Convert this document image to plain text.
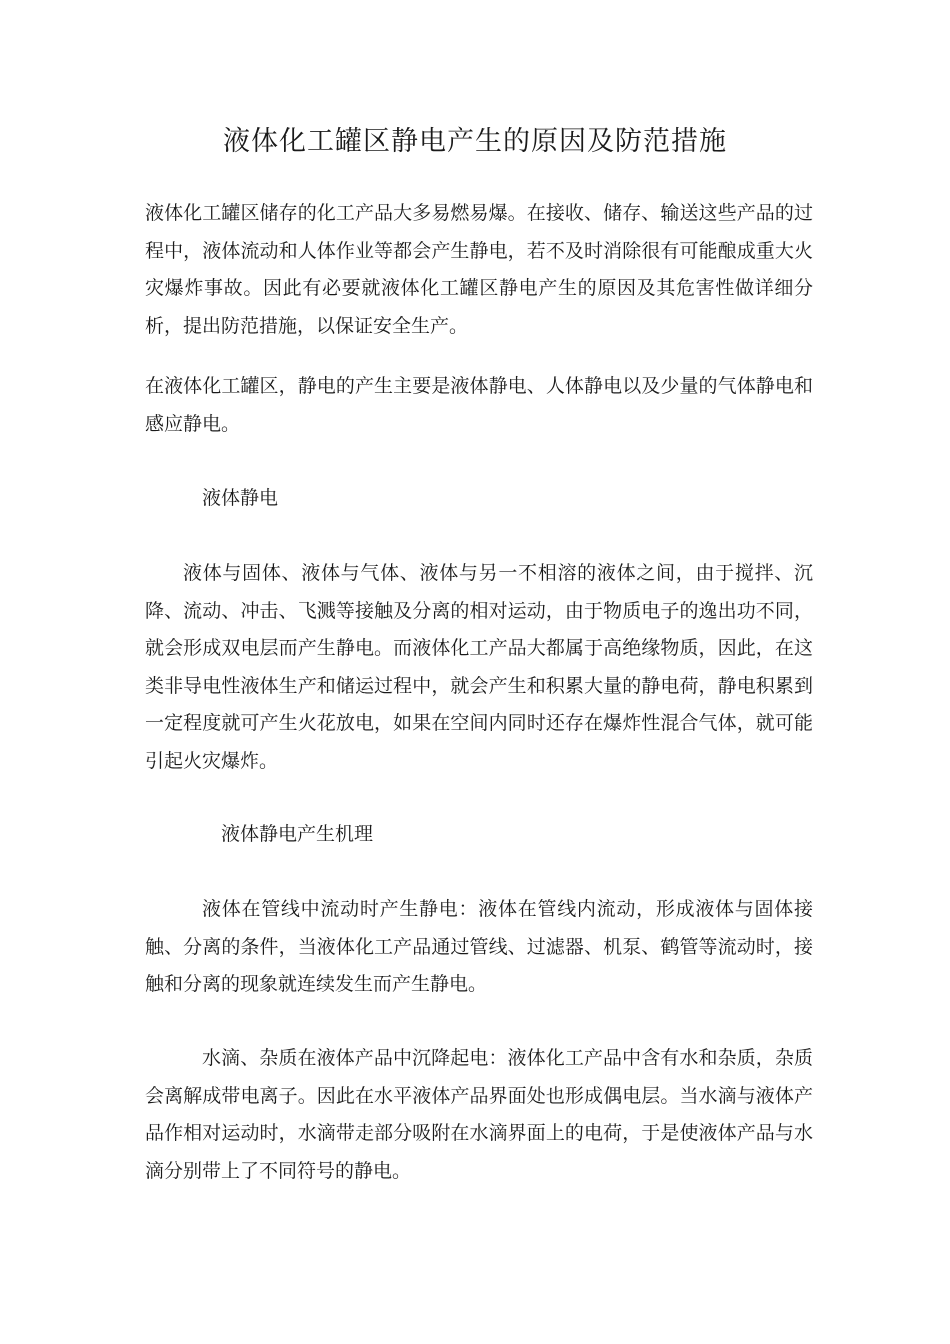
液体化工罐区静电产生的原因及防范措施

液体化工罐区储存的化工产品大多易燃易爆。在接收、储存、输送这些产品的过程中，液体流动和人体作业等都会产生静电，若不及时消除很有可能酿成重大火灾爆炸事故。因此有必要就液体化工罐区静电产生的原因及其危害性做详细分析，提出防范措施，以保证安全生产。

在液体化工罐区，静电的产生主要是液体静电、人体静电以及少量的气体静电和感应静电。

液体静电

液体与固体、液体与气体、液体与另一不相溶的液体之间，由于搅拌、沉降、流动、冲击、飞溅等接触及分离的相对运动，由于物质电子的逸出功不同，就会形成双电层而产生静电。而液体化工产品大都属于高绝缘物质，因此，在这类非导电性液体生产和储运过程中，就会产生和积累大量的静电荷，静电积累到一定程度就可产生火花放电，如果在空间内同时还存在爆炸性混合气体，就可能引起火灾爆炸。

液体静电产生机理

液体在管线中流动时产生静电：液体在管线内流动，形成液体与固体接触、分离的条件，当液体化工产品通过管线、过滤器、机泵、鹤管等流动时，接触和分离的现象就连续发生而产生静电。

水滴、杂质在液体产品中沉降起电：液体化工产品中含有水和杂质，杂质会离解成带电离子。因此在水平液体产品界面处也形成偶电层。当水滴与液体产品作相对运动时，水滴带走部分吸附在水滴界面上的电荷，于是使液体产品与水滴分别带上了不同符号的静电。
